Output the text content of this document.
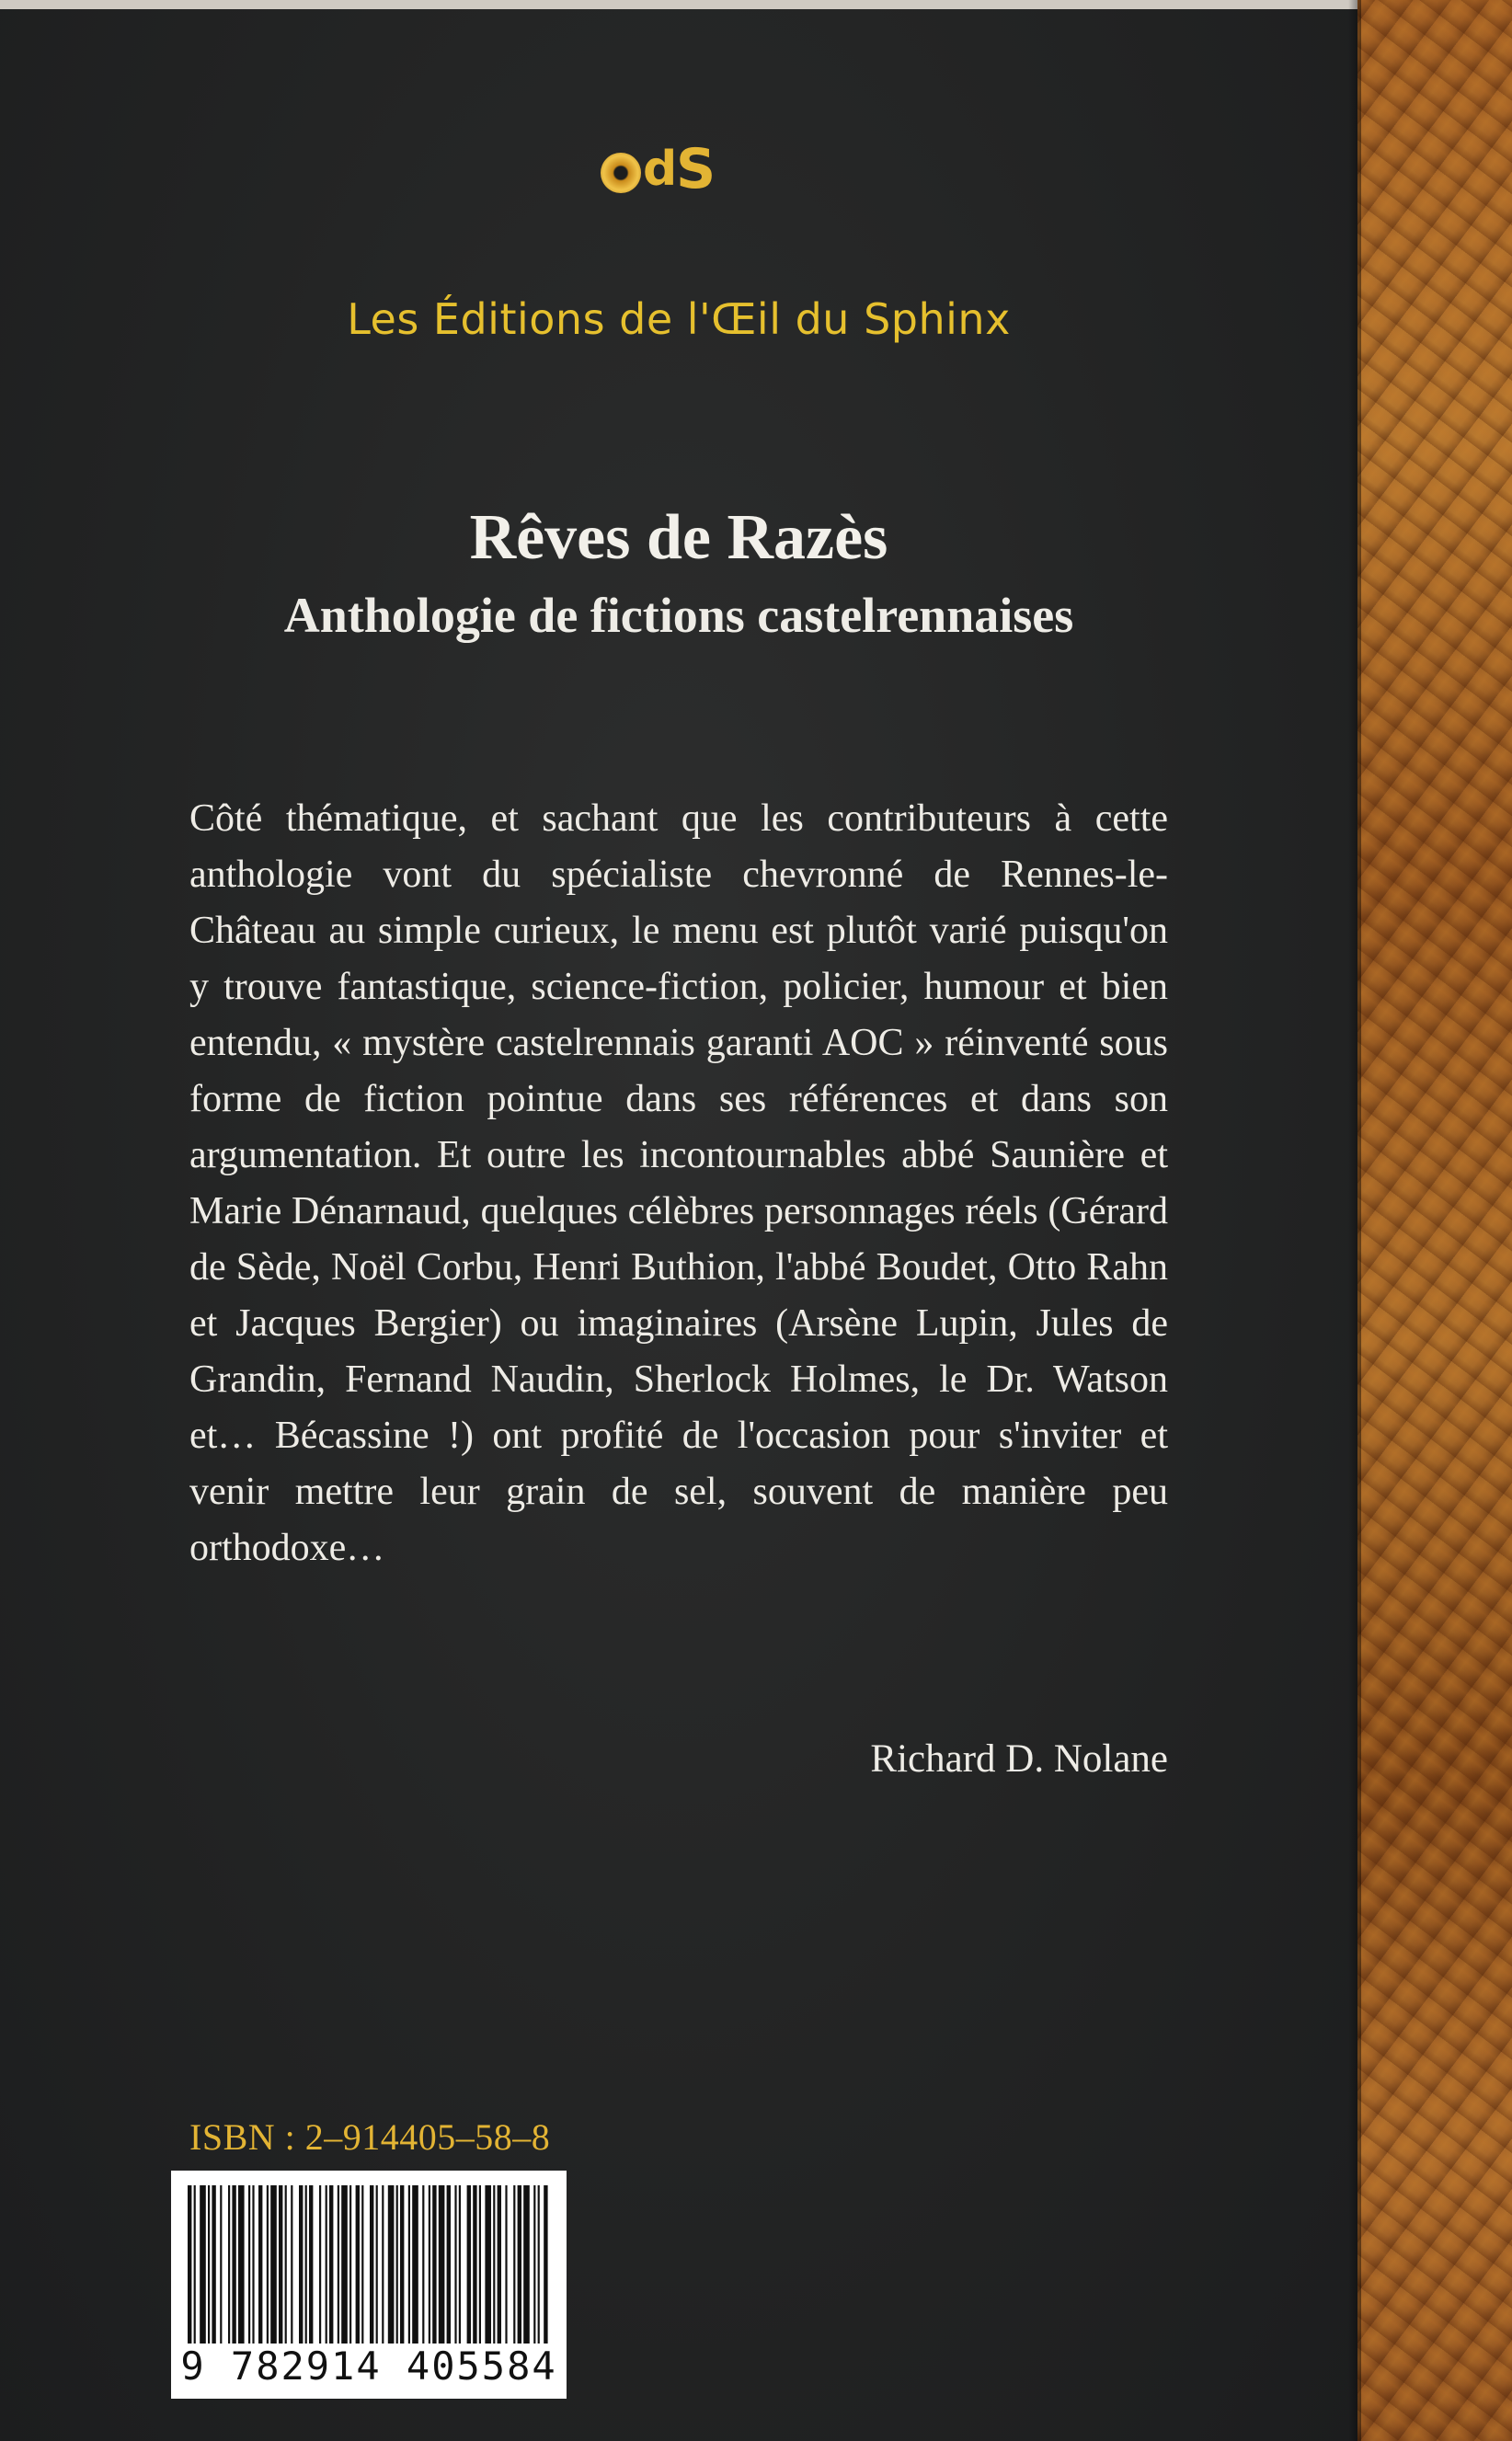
d
S
Les Éditions de l'Œil du Sphinx
Rêves de Razès
Anthologie de fictions castelrennaises

Côté thématique, et sachant que les contributeurs à cette anthologie vont du spécialiste chevronné de Rennes-le-Château au simple curieux, le menu est plutôt varié puisqu'on y trouve fantastique, science-fiction, policier, humour et bien entendu, « mystère castelrennais garanti AOC » réinventé sous forme de fiction pointue dans ses références et dans son argumentation. Et outre les incontournables abbé Saunière et Marie Dénarnaud, quelques célèbres personnages réels (Gérard de Sède, Noël Corbu, Henri Buthion, l'abbé Boudet, Otto Rahn et Jacques Bergier) ou imaginaires (Arsène Lupin, Jules de Grandin, Fernand Naudin, Sherlock Holmes, le Dr. Watson et… Bécassine !) ont profité de l'occasion pour s'inviter et venir mettre leur grain de sel, souvent de manière peu orthodoxe…

Richard D. Nolane
ISBN : 2–914405–58–8
9 782914 405584
